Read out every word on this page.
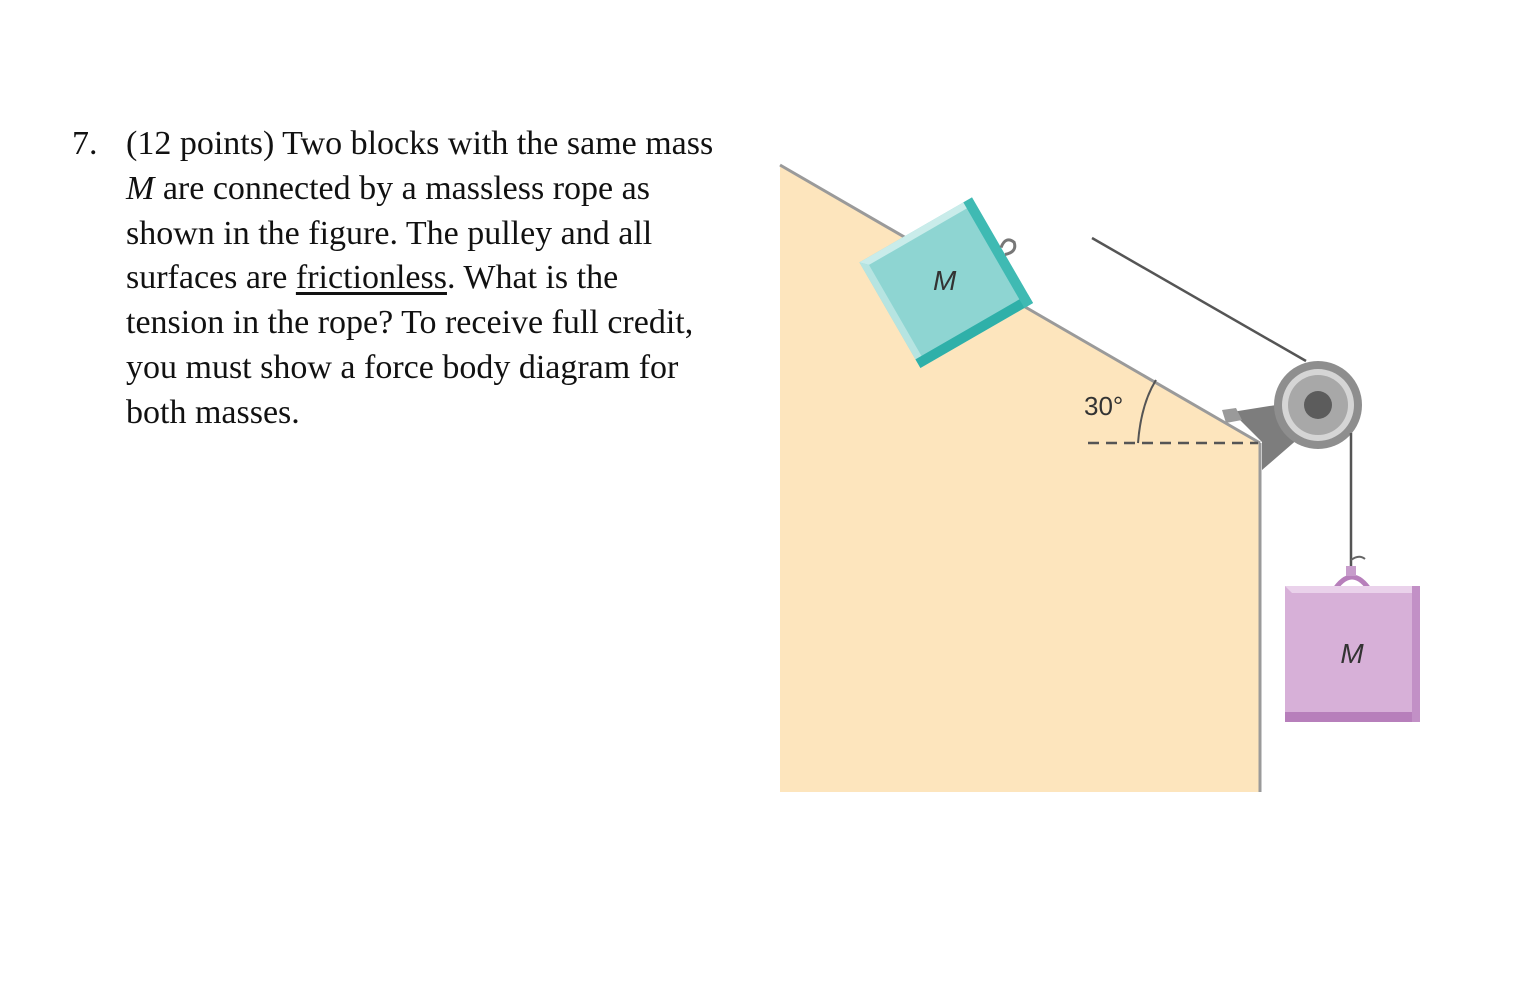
7. (12 points) Two blocks with the same mass
M are connected by a massless rope as
shown in the figure. The pulley and all
surfaces are frictionless. What is the
tension in the rope? To receive full credit,
you must show a force body diagram for
both masses.	30°
M
M
